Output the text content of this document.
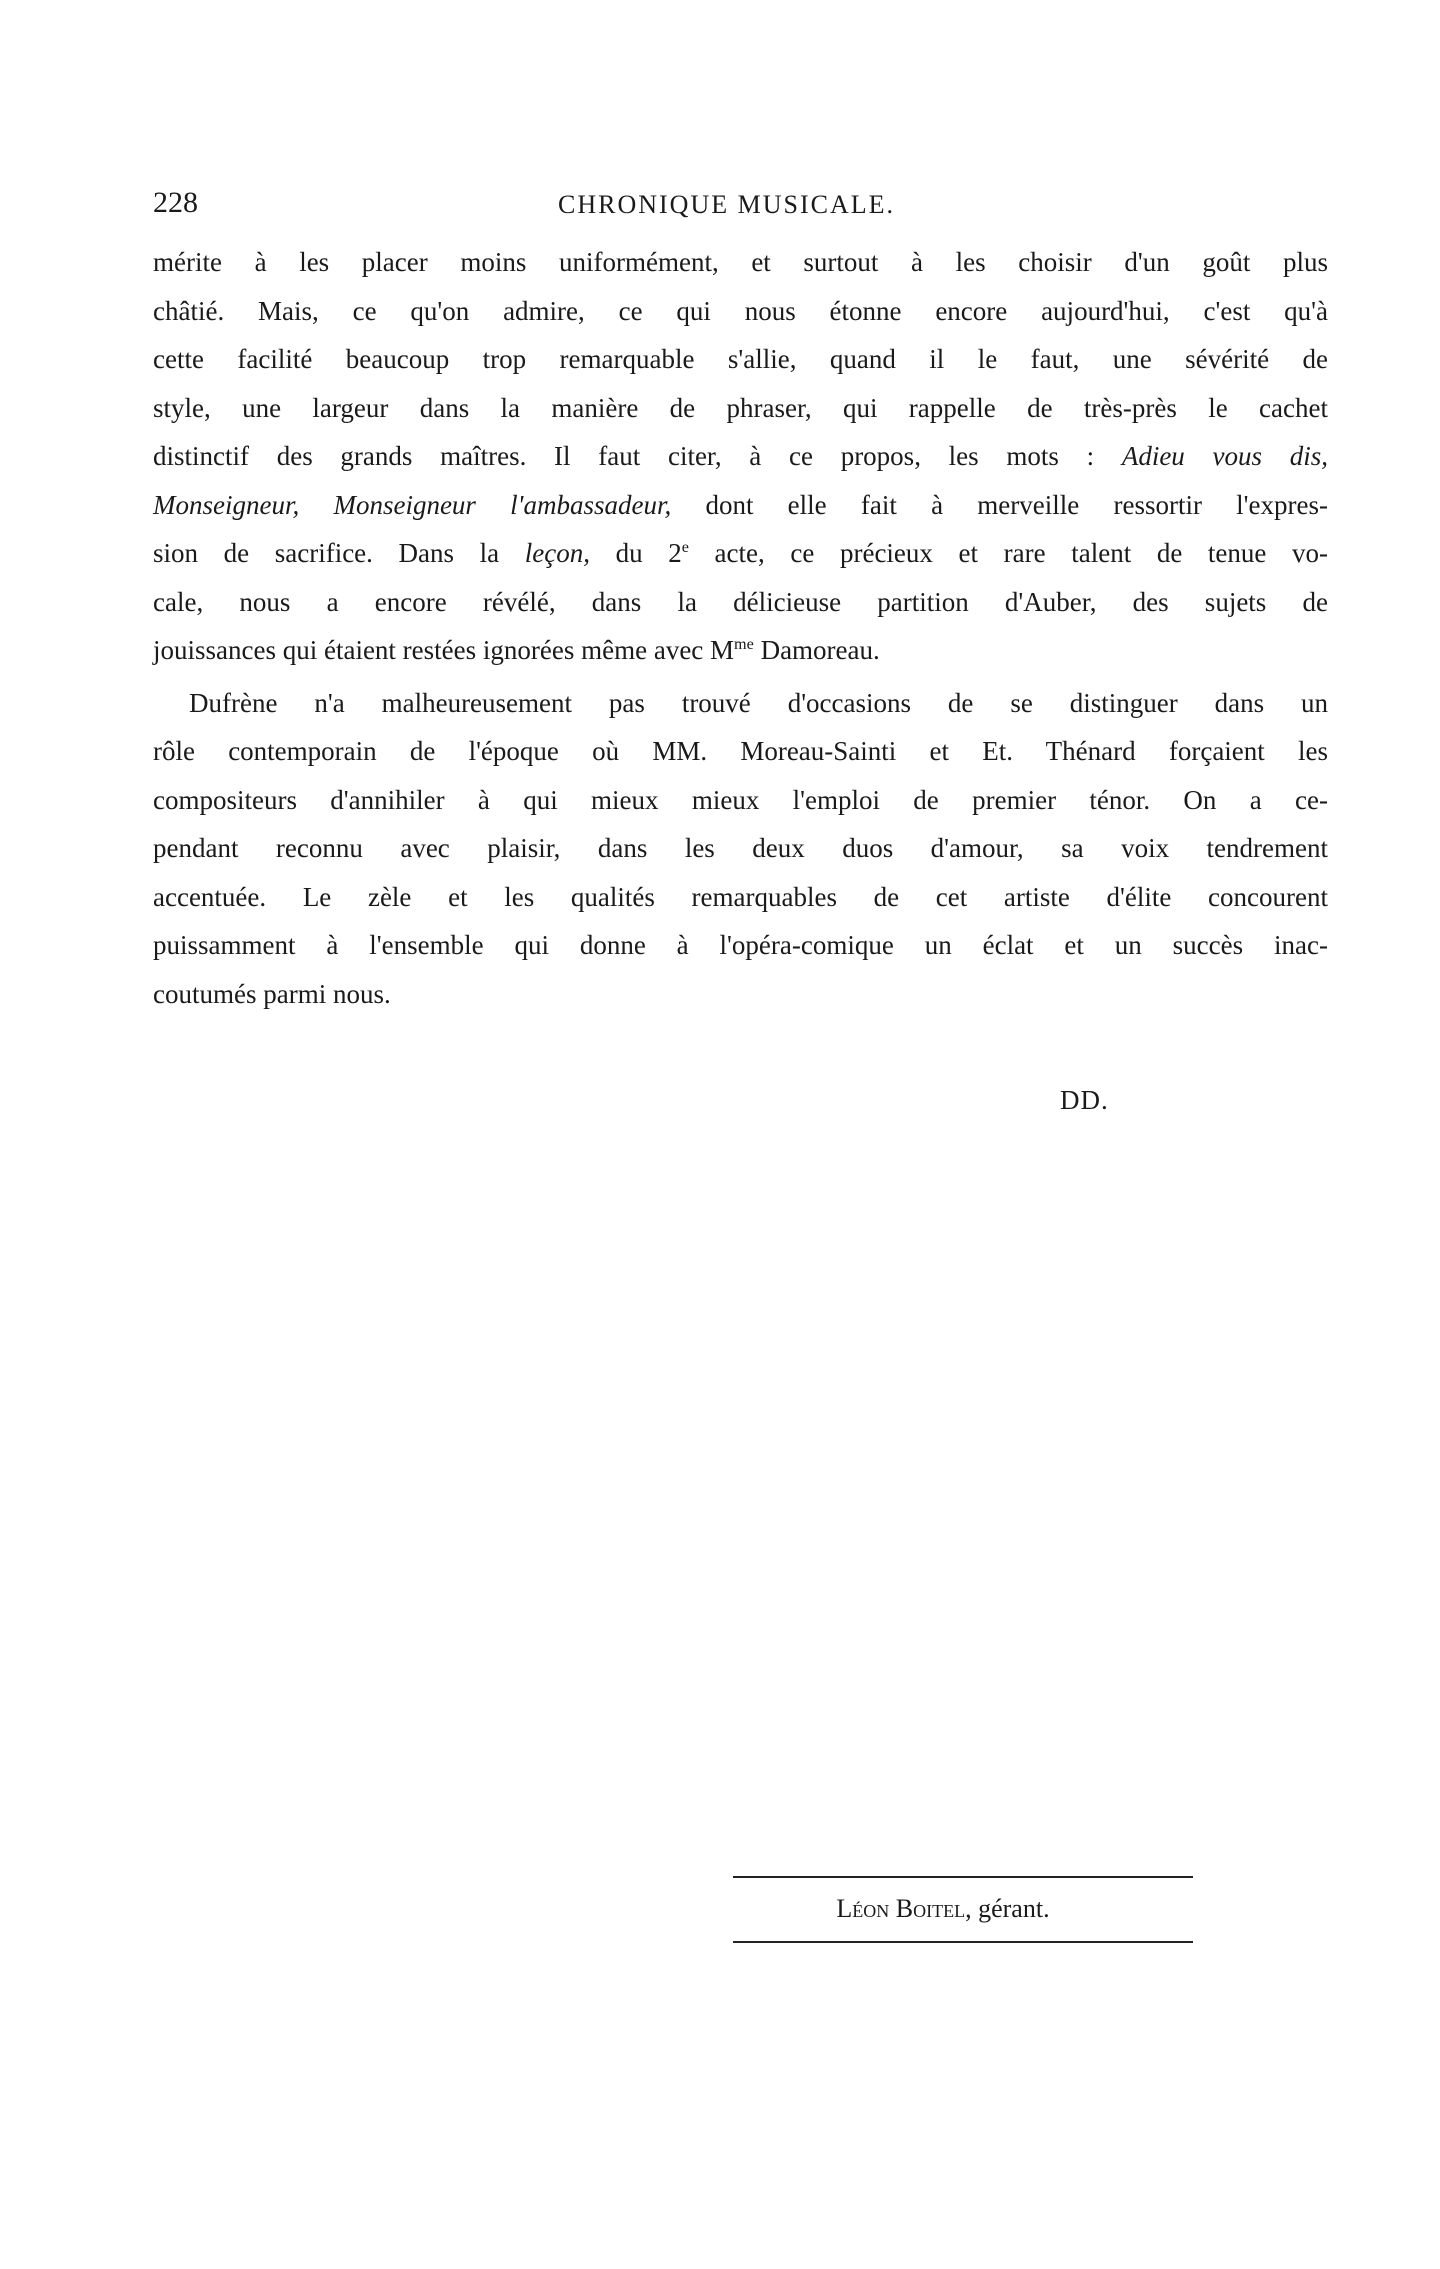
228	CHRONIQUE MUSICALE.
mérite à les placer moins uniformément, et surtout à les choisir d'un goût plus
châtié. Mais, ce qu'on admire, ce qui nous étonne encore aujourd'hui, c'est qu'à
cette facilité beaucoup trop remarquable s'allie, quand il le faut, une sévérité de
style, une largeur dans la manière de phraser, qui rappelle de très-près le cachet
distinctif des grands maîtres. Il faut citer, à ce propos, les mots : Adieu vous dis,
Monseigneur, Monseigneur l'ambassadeur, dont elle fait à merveille ressortir l'expres-
sion de sacrifice. Dans la leçon, du 2e acte, ce précieux et rare talent de tenue vo-
cale, nous a encore révélé, dans la délicieuse partition d'Auber, des sujets de
jouissances qui étaient restées ignorées même avec $M^{me}$ Damoreau.
Dufrène n'a malheureusement pas trouvé d'occasions de se distinguer dans un
rôle contemporain de l'époque où MM. Moreau-Sainti et Et. Thénard forçaient les
compositeurs d'annihiler à qui mieux mieux l'emploi de premier ténor. On a ce-
pendant reconnu avec plaisir, dans les deux duos d'amour, sa voix tendrement
accentuée. Le zèle et les qualités remarquables de cet artiste d'élite concourent
puissamment à l'ensemble qui donne à l'opéra-comique un éclat et un succès inac-
coutumés parmi nous.
DD.
Léon Boitel, gérant.
